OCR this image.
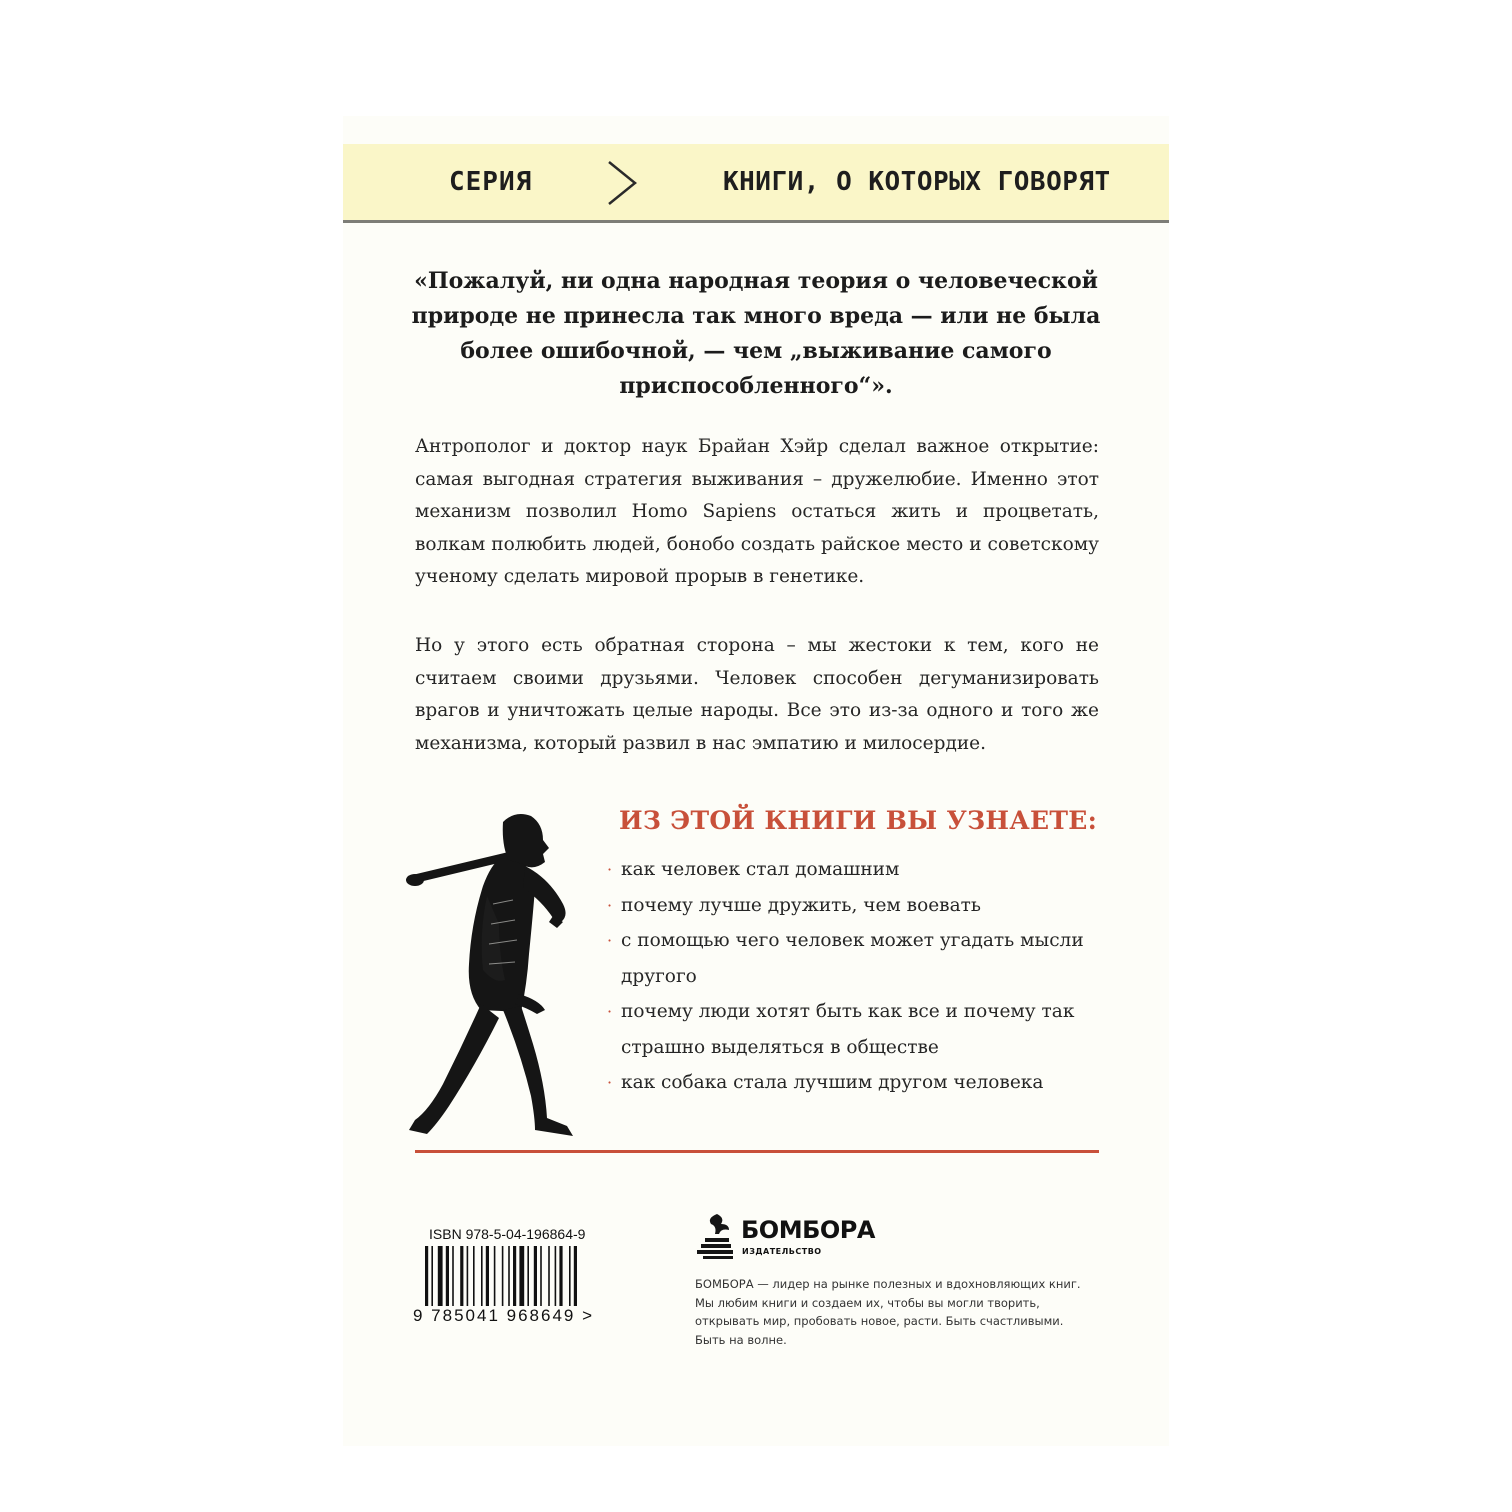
СЕРИЯ	КНИГИ, О КОТОРЫХ ГОВОРЯТ
«Пожалуй, ни одна народная теория о человеческой природе не принесла так много вреда — или не была более ошибочной, — чем „выживание самого приспособленного“».
Антрополог и доктор наук Брайан Хэйр сделал важное открытие: самая выгодная стратегия выживания – дружелюбие. Именно этот механизм позволил Homo Sapiens остаться жить и процветать, волкам полюбить людей, бонобо создать райское место и советскому ученому сделать мировой прорыв в генетике.
Но у этого есть обратная сторона – мы жестоки к тем, кого не считаем своими друзьями. Человек способен дегуманизировать врагов и уничтожать целые народы. Все это из-за одного и того же механизма, который развил в нас эмпатию и милосердие.
ИЗ ЭТОЙ КНИГИ ВЫ УЗНАЕТЕ:
· как человек стал домашним
· почему лучше дружить, чем воевать
· с помощью чего человек может угадать мысли другого
· почему люди хотят быть как все и почему так страшно выделяться в обществе
· как собака стала лучшим другом человека
ISBN 978-5-04-196864-9
9 785041 968649 >
БОМБОРА
ИЗДАТЕЛЬСТВО
БОМБОРА — лидер на рынке полезных и вдохновляющих книг. Мы любим книги и создаем их, чтобы вы могли творить, открывать мир, пробовать новое, расти. Быть счастливыми. Быть на волне.
